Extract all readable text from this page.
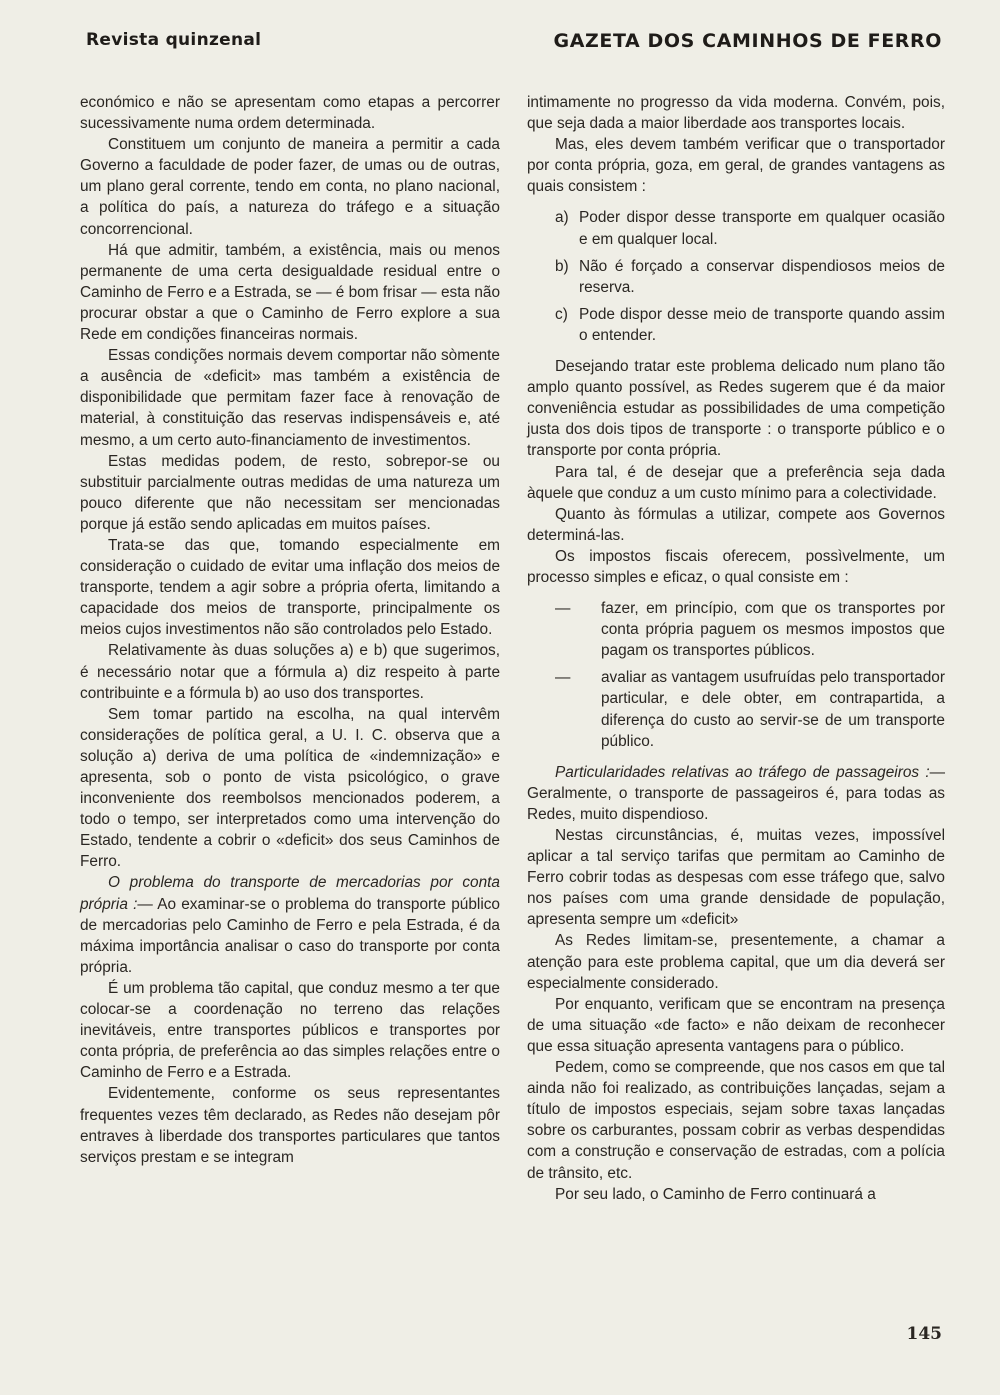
Revista quinzenal	GAZETA DOS CAMINHOS DE FERRO

económico e não se apresentam como etapas a percorrer sucessivamente numa ordem determinada.

Constituem um conjunto de maneira a permitir a cada Governo a faculdade de poder fazer, de umas ou de outras, um plano geral corrente, tendo em conta, no plano nacional, a política do país, a natureza do tráfego e a situação concorrencional.

Há que admitir, também, a existência, mais ou menos permanente de uma certa desigualdade residual entre o Caminho de Ferro e a Estrada, se — é bom frisar — esta não procurar obstar a que o Caminho de Ferro explore a sua Rede em condições financeiras normais.

Essas condições normais devem comportar não sòmente a ausência de «deficit» mas também a existência de disponibilidade que permitam fazer face à renovação de material, à constituição das reservas indispensáveis e, até mesmo, a um certo auto-financiamento de investimentos.

Estas medidas podem, de resto, sobrepor-se ou substituir parcialmente outras medidas de uma natureza um pouco diferente que não necessitam ser mencionadas porque já estão sendo aplicadas em muitos países.

Trata-se das que, tomando especialmente em consideração o cuidado de evitar uma inflação dos meios de transporte, tendem a agir sobre a própria oferta, limitando a capacidade dos meios de transporte, principalmente os meios cujos investimentos não são controlados pelo Estado.

Relativamente às duas soluções a) e b) que sugerimos, é necessário notar que a fórmula a) diz respeito à parte contribuinte e a fórmula b) ao uso dos transportes.

Sem tomar partido na escolha, na qual intervêm considerações de política geral, a U. I. C. observa que a solução a) deriva de uma política de «indemnização» e apresenta, sob o ponto de vista psicológico, o grave inconveniente dos reembolsos mencionados poderem, a todo o tempo, ser interpretados como uma intervenção do Estado, tendente a cobrir o «deficit» dos seus Caminhos de Ferro.

O problema do transporte de mercadorias por conta própria :— Ao examinar-se o problema do transporte público de mercadorias pelo Caminho de Ferro e pela Estrada, é da máxima importância analisar o caso do transporte por conta própria.

É um problema tão capital, que conduz mesmo a ter que colocar-se a coordenação no terreno das relações inevitáveis, entre transportes públicos e transportes por conta própria, de preferência ao das simples relações entre o Caminho de Ferro e a Estrada.

Evidentemente, conforme os seus representantes frequentes vezes têm declarado, as Redes não desejam pôr entraves à liberdade dos transportes particulares que tantos serviços prestam e se integram

intimamente no progresso da vida moderna. Convém, pois, que seja dada a maior liberdade aos transportes locais.

Mas, eles devem também verificar que o transportador por conta própria, goza, em geral, de grandes vantagens as quais consistem :

a) Poder dispor desse transporte em qualquer ocasião e em qualquer local.
b) Não é forçado a conservar dispendiosos meios de reserva.
c) Pode dispor desse meio de transporte quando assim o entender.

Desejando tratar este problema delicado num plano tão amplo quanto possível, as Redes sugerem que é da maior conveniência estudar as possibilidades de uma competição justa dos dois tipos de transporte : o transporte público e o transporte por conta própria.

Para tal, é de desejar que a preferência seja dada àquele que conduz a um custo mínimo para a colectividade.

Quanto às fórmulas a utilizar, compete aos Governos determiná-las.

Os impostos fiscais oferecem, possìvelmente, um processo simples e eficaz, o qual consiste em :

—	fazer, em princípio, com que os transportes por conta própria paguem os mesmos impostos que pagam os transportes públicos.
—	avaliar as vantagem usufruídas pelo transportador particular, e dele obter, em contrapartida, a diferença do custo ao servir-se de um transporte público.

Particularidades relativas ao tráfego de passageiros :— Geralmente, o transporte de passageiros é, para todas as Redes, muito dispendioso.

Nestas circunstâncias, é, muitas vezes, impossível aplicar a tal serviço tarifas que permitam ao Caminho de Ferro cobrir todas as despesas com esse tráfego que, salvo nos países com uma grande densidade de população, apresenta sempre um «deficit»

As Redes limitam-se, presentemente, a chamar a atenção para este problema capital, que um dia deverá ser especialmente considerado.

Por enquanto, verificam que se encontram na presença de uma situação «de facto» e não deixam de reconhecer que essa situação apresenta vantagens para o público.

Pedem, como se compreende, que nos casos em que tal ainda não foi realizado, as contribuições lançadas, sejam a título de impostos especiais, sejam sobre taxas lançadas sobre os carburantes, possam cobrir as verbas despendidas com a construção e conservação de estradas, com a polícia de trânsito, etc.

Por seu lado, o Caminho de Ferro continuará a

145
